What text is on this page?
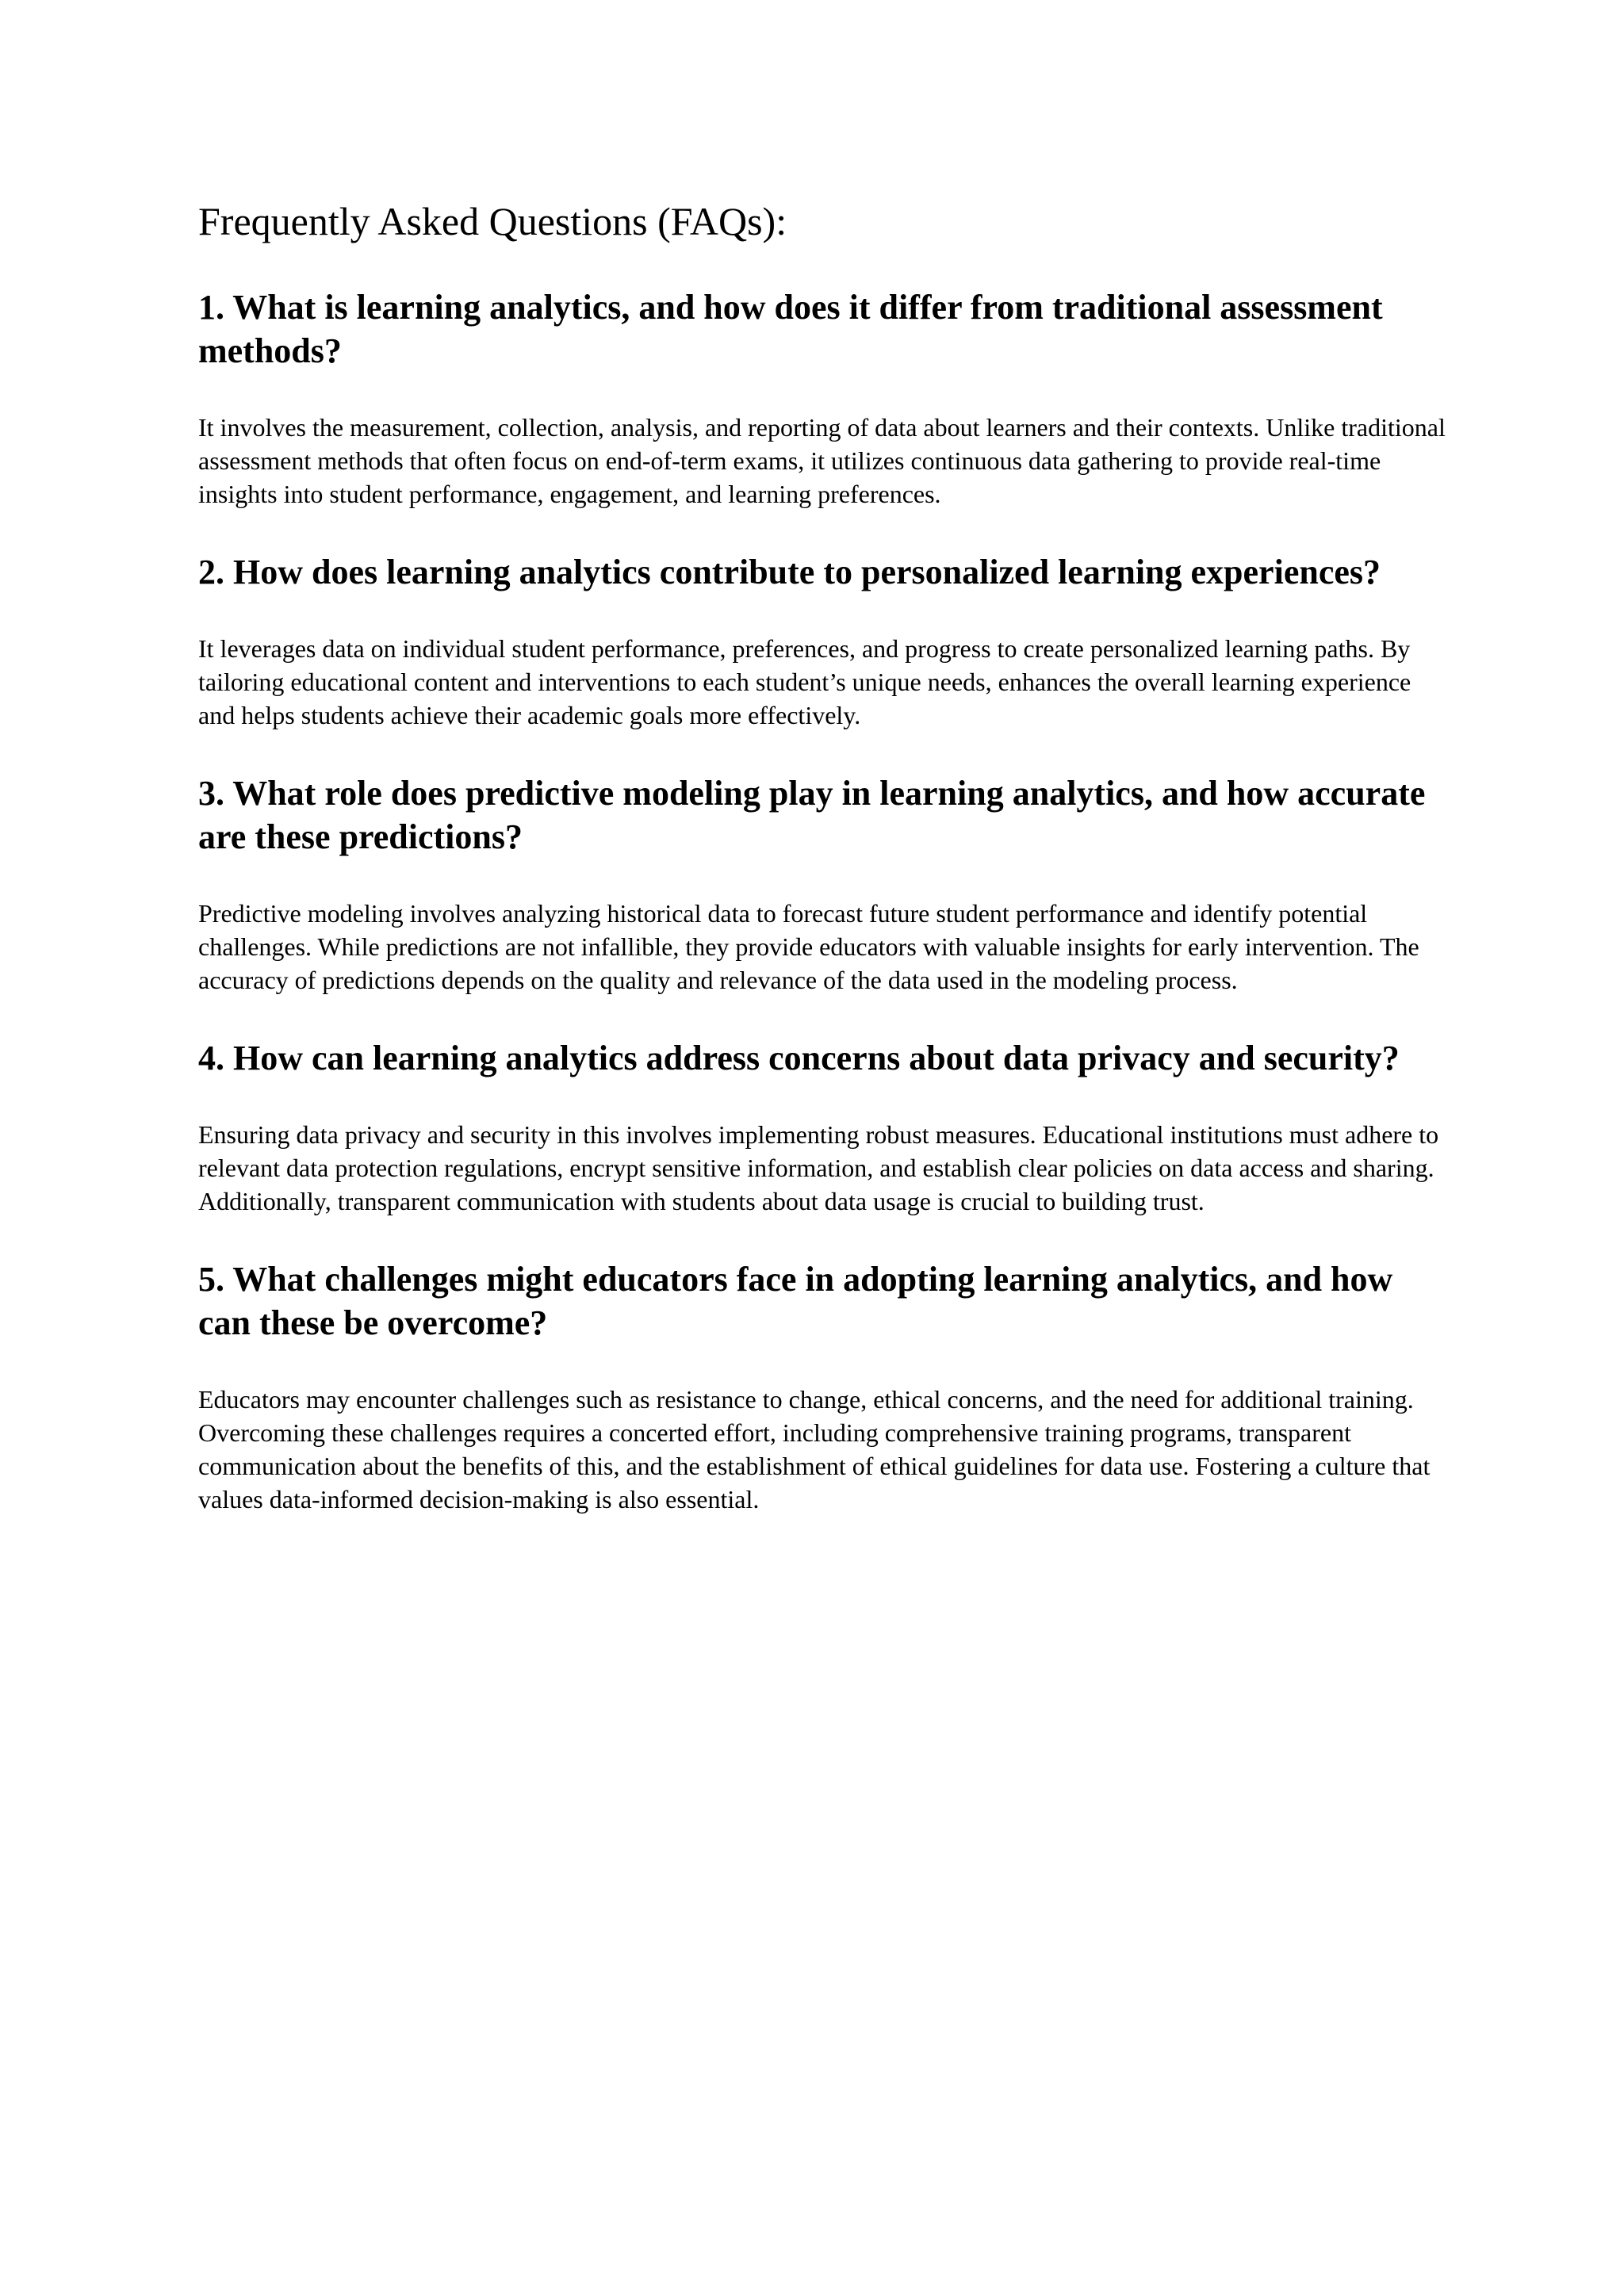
Frequently Asked Questions (FAQs):
1. What is learning analytics, and how does it differ from traditional assessment methods?

It involves the measurement, collection, analysis, and reporting of data about learners and their contexts. Unlike traditional assessment methods that often focus on end-of-term exams, it utilizes continuous data gathering to provide real-time insights into student performance, engagement, and learning preferences.

2. How does learning analytics contribute to personalized learning experiences?

It leverages data on individual student performance, preferences, and progress to create personalized learning paths. By tailoring educational content and interventions to each student’s unique needs, enhances the overall learning experience and helps students achieve their academic goals more effectively.

3. What role does predictive modeling play in learning analytics, and how accurate are these predictions?

Predictive modeling involves analyzing historical data to forecast future student performance and identify potential challenges. While predictions are not infallible, they provide educators with valuable insights for early intervention. The accuracy of predictions depends on the quality and relevance of the data used in the modeling process.

4. How can learning analytics address concerns about data privacy and security?

Ensuring data privacy and security in this involves implementing robust measures. Educational institutions must adhere to relevant data protection regulations, encrypt sensitive information, and establish clear policies on data access and sharing. Additionally, transparent communication with students about data usage is crucial to building trust.

5. What challenges might educators face in adopting learning analytics, and how can these be overcome?

Educators may encounter challenges such as resistance to change, ethical concerns, and the need for additional training. Overcoming these challenges requires a concerted effort, including comprehensive training programs, transparent communication about the benefits of this, and the establishment of ethical guidelines for data use. Fostering a culture that values data-informed decision-making is also essential.
